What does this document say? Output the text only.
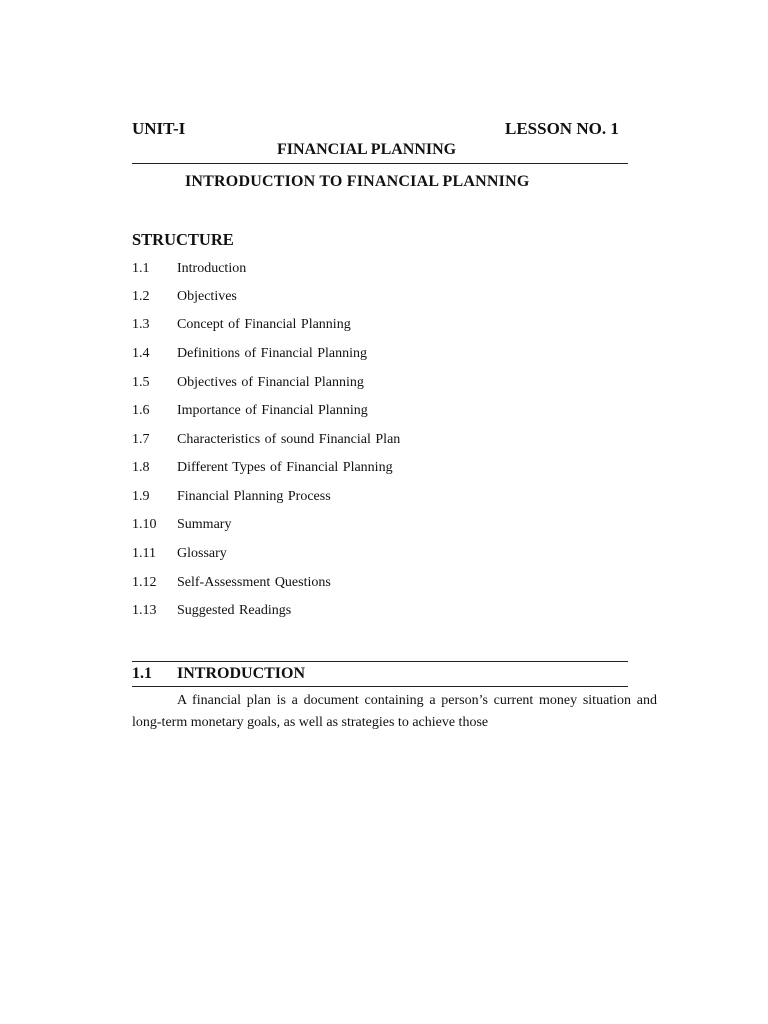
UNIT-I	LESSON NO. 1
FINANCIAL PLANNING
INTRODUCTION TO FINANCIAL PLANNING
STRUCTURE
1.1 Introduction
1.2 Objectives
1.3 Concept of Financial Planning
1.4 Definitions of Financial Planning
1.5 Objectives of Financial Planning
1.6 Importance of Financial Planning
1.7 Characteristics of sound Financial Plan
1.8 Different Types of Financial Planning
1.9 Financial Planning Process
1.10 Summary
1.11 Glossary
1.12 Self-Assessment Questions
1.13 Suggested Readings
1.1 INTRODUCTION
A financial plan is a document containing a person’s current money situation and long-term monetary goals, as well as strategies to achieve those
